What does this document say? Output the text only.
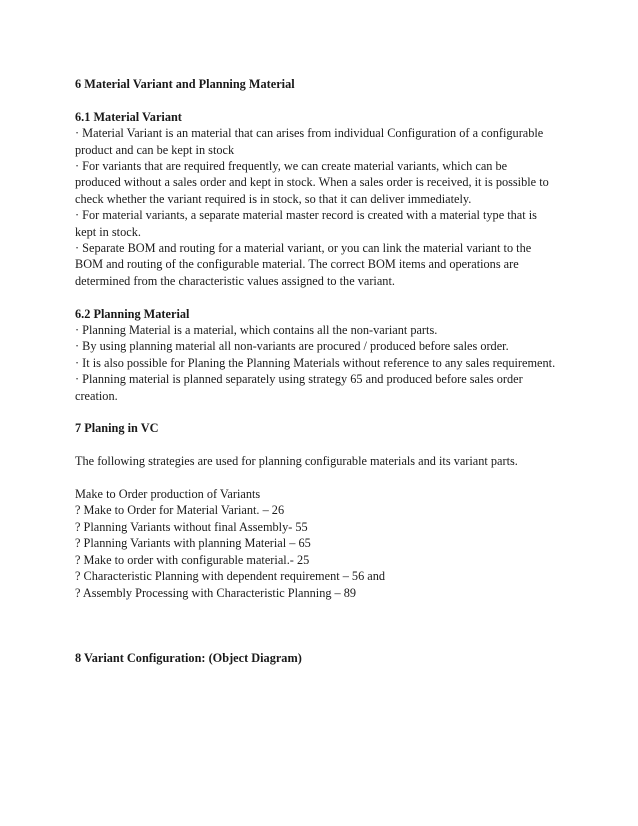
6 Material Variant and Planning Material

6.1 Material Variant

· Material Variant is an material that can arises from individual Configuration of a configurable

product and can be kept in stock

· For variants that are required frequently, we can create material variants, which can be

produced without a sales order and kept in stock. When a sales order is received, it is possible to

check whether the variant required is in stock, so that it can deliver immediately.

· For material variants, a separate material master record is created with a material type that is

kept in stock.

· Separate BOM and routing for a material variant, or you can link the material variant to the

BOM and routing of the configurable material. The correct BOM items and operations are

determined from the characteristic values assigned to the variant.

6.2 Planning Material

· Planning Material is a material, which contains all the non-variant parts.

· By using planning material all non-variants are procured / produced before sales order.

· It is also possible for Planing the Planning Materials without reference to any sales requirement.

· Planning material is planned separately using strategy 65 and produced before sales order

creation.

7 Planing in VC

The following strategies are used for planning configurable materials and its variant parts.

Make to Order production of Variants

? Make to Order for Material Variant. – 26

? Planning Variants without final Assembly- 55

? Planning Variants with planning Material – 65

? Make to order with configurable material.- 25

? Characteristic Planning with dependent requirement – 56 and

? Assembly Processing with Characteristic Planning – 89

8 Variant Configuration: (Object Diagram)
